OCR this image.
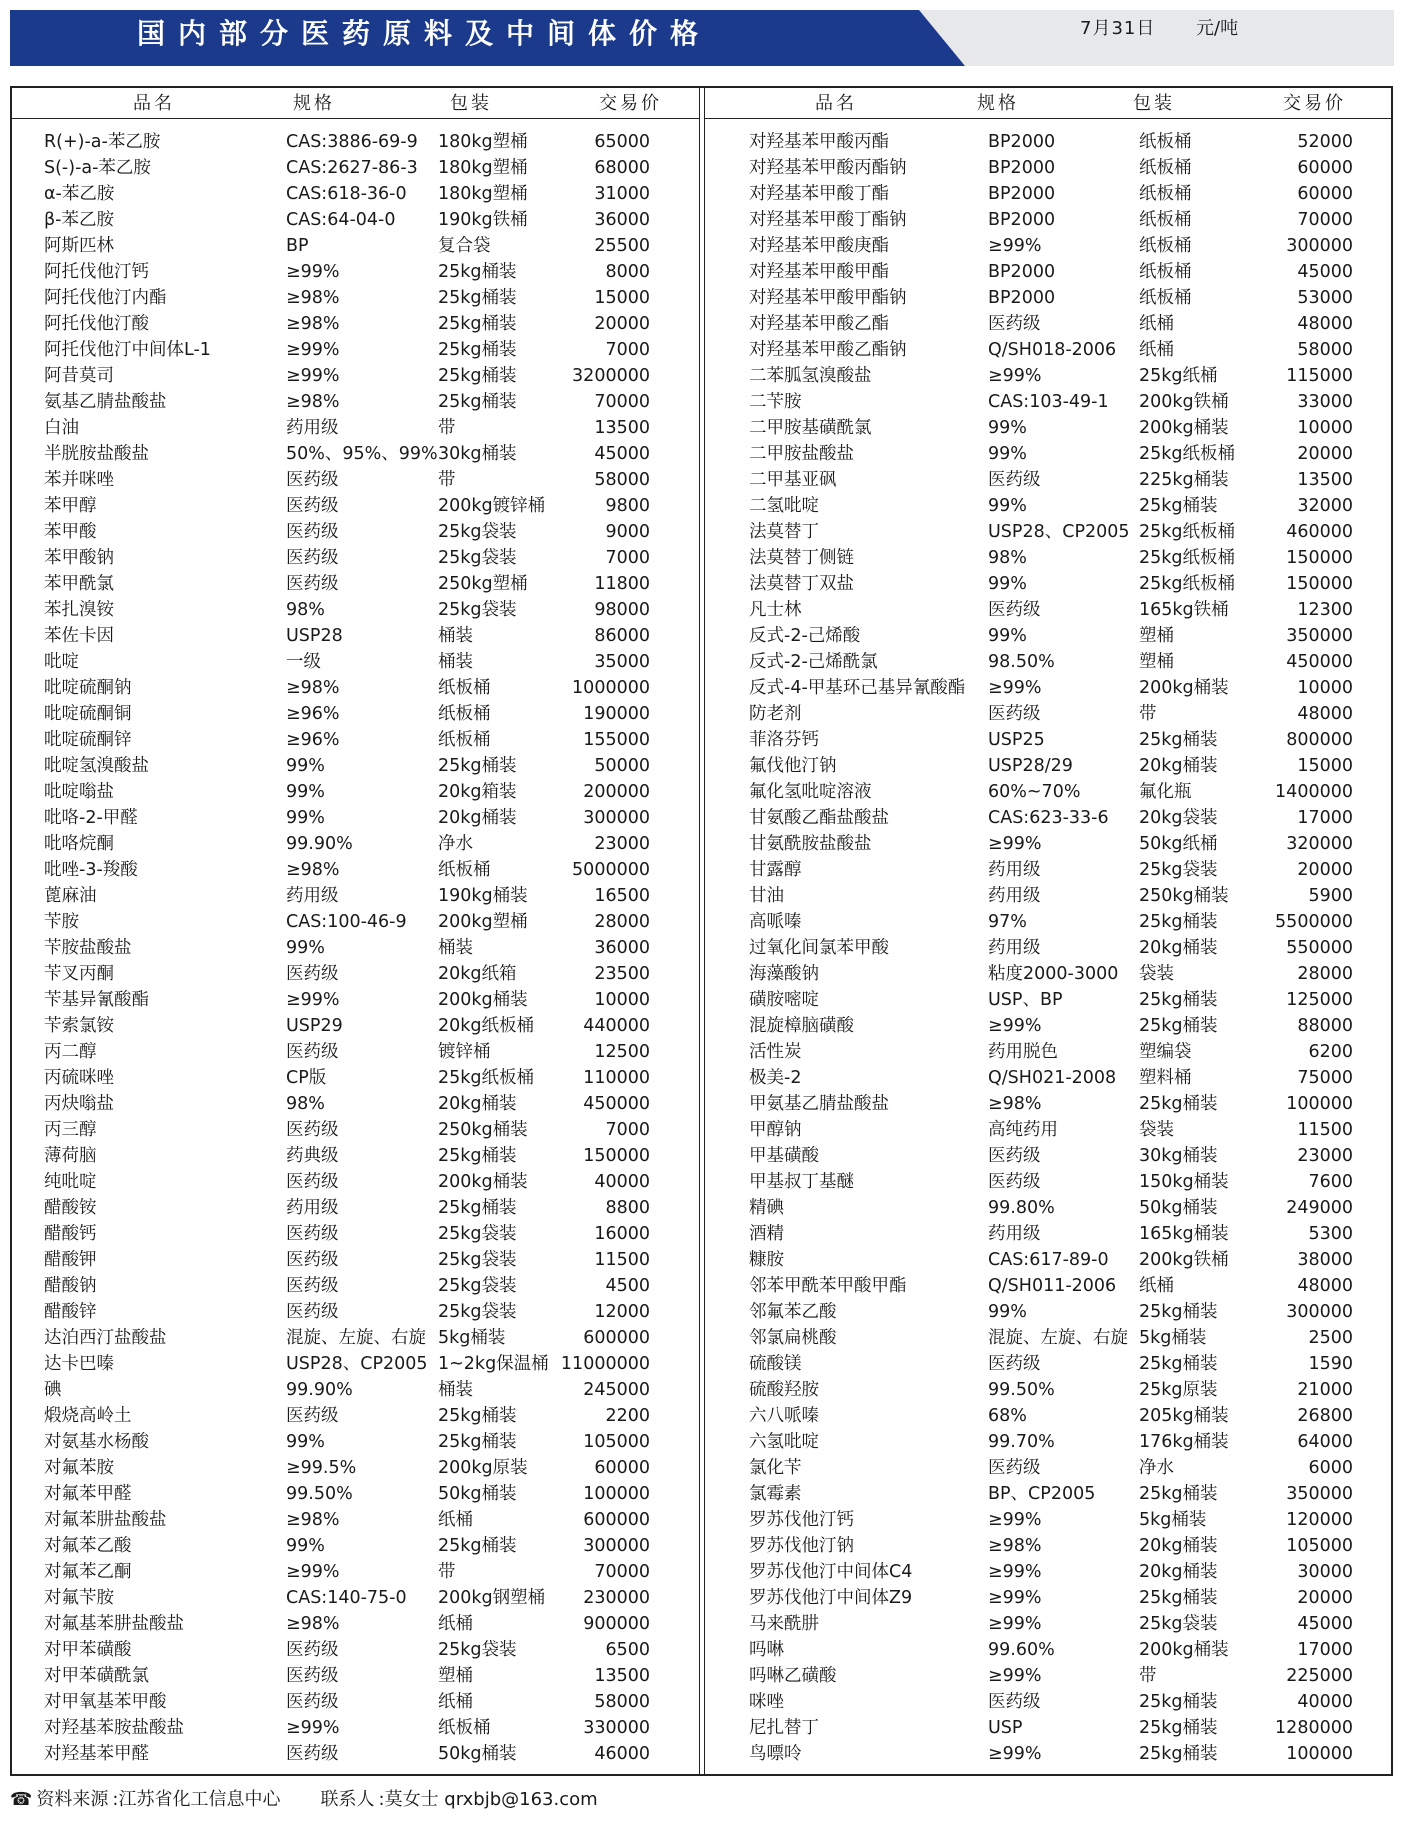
国内部分医药原料及中间体价格	7月31日 元/吨
品名	规格	包装	交易价	品名	规格	包装	交易价
R(+)-a-苯乙胺	CAS:3886-69-9 180kg塑桶	65000
S(-)-a-苯乙胺	CAS:2627-86-3 180kg塑桶	68000
α-苯乙胺	CAS:618-36-0 180kg塑桶	31000
β-苯乙胺	CAS:64-04-0 190kg铁桶	36000
阿斯匹林	BP	复合袋	25500
阿托伐他汀钙	≥99%	25kg桶装	8000
阿托伐他汀内酯	≥98%	25kg桶装	15000
阿托伐他汀酸	≥98%	25kg桶装	20000
阿托伐他汀中间体L-1	≥99%	25kg桶装	7000
阿昔莫司	≥99%	25kg桶装	3200000
氨基乙腈盐酸盐	≥98%	25kg桶装	70000
白油	药用级	带	13500
半胱胺盐酸盐	50%、95%、99% 30kg桶装	45000
苯并咪唑	医药级	带	58000
苯甲醇	医药级	200kg镀锌桶	9800
苯甲酸	医药级	25kg袋装	9000
苯甲酸钠	医药级	25kg袋装	7000
苯甲酰氯	医药级	250kg塑桶	11800
苯扎溴铵	98%	25kg袋装	98000
苯佐卡因	USP28	桶装	86000
吡啶	一级	桶装	35000
吡啶硫酮钠	≥98%	纸板桶	1000000
吡啶硫酮铜	≥96%	纸板桶	190000
吡啶硫酮锌	≥96%	纸板桶	155000
吡啶氢溴酸盐	99%	25kg桶装	50000
吡啶嗡盐	99%	20kg箱装	200000
吡咯-2-甲醛	99%	20kg桶装	300000
吡咯烷酮	99.90%	净水	23000
吡唑-3-羧酸	≥98%	纸板桶	5000000
蓖麻油	药用级	190kg桶装	16500
苄胺	CAS:100-46-9 200kg塑桶	28000
苄胺盐酸盐	99%	桶装	36000
苄叉丙酮	医药级	20kg纸箱	23500
苄基异氰酸酯	≥99%	200kg桶装	10000
苄索氯铵	USP29	20kg纸板桶	440000
丙二醇	医药级	镀锌桶	12500
丙硫咪唑	CP版	25kg纸板桶	110000
丙炔嗡盐	98%	20kg桶装	450000
丙三醇	医药级	250kg桶装	7000
薄荷脑	药典级	25kg桶装	150000
纯吡啶	医药级	200kg桶装	40000
醋酸铵	药用级	25kg桶装	8800
醋酸钙	医药级	25kg袋装	16000
醋酸钾	医药级	25kg袋装	11500
醋酸钠	医药级	25kg袋装	4500
醋酸锌	医药级	25kg袋装	12000
达泊西汀盐酸盐	混旋、左旋、右旋 5kg桶装	600000
达卡巴嗪	USP28、CP2005 1~2kg保温桶 11000000
碘	99.90%	桶装	245000
煅烧高岭土	医药级	25kg桶装	2200
对氨基水杨酸	99%	25kg桶装	105000
对氟苯胺	≥99.5%	200kg原装	60000
对氟苯甲醛	99.50%	50kg桶装	100000
对氟苯肼盐酸盐	≥98%	纸桶	600000
对氟苯乙酸	99%	25kg桶装	300000
对氟苯乙酮	≥99%	带	70000
对氟苄胺	CAS:140-75-0 200kg钢塑桶	230000
对氟基苯肼盐酸盐	≥98%	纸桶	900000
对甲苯磺酸	医药级	25kg袋装	6500
对甲苯磺酰氯	医药级	塑桶	13500
对甲氧基苯甲酸	医药级	纸桶	58000
对羟基苯胺盐酸盐	≥99%	纸板桶	330000
对羟基苯甲醛	医药级	50kg桶装	46000
对羟基苯甲酸丙酯	BP2000	纸板桶	52000
对羟基苯甲酸丙酯钠	BP2000	纸板桶	60000
对羟基苯甲酸丁酯	BP2000	纸板桶	60000
对羟基苯甲酸丁酯钠	BP2000	纸板桶	70000
对羟基苯甲酸庚酯	≥99%	纸板桶	300000
对羟基苯甲酸甲酯	BP2000	纸板桶	45000
对羟基苯甲酸甲酯钠	BP2000	纸板桶	53000
对羟基苯甲酸乙酯	医药级	纸桶	48000
对羟基苯甲酸乙酯钠	Q/SH018-2006 纸桶	58000
二苯胍氢溴酸盐	≥99%	25kg纸桶	115000
二苄胺	CAS:103-49-1 200kg铁桶	33000
二甲胺基磺酰氯	99%	200kg桶装	10000
二甲胺盐酸盐	99%	25kg纸板桶	20000
二甲基亚砜	医药级	225kg桶装	13500
二氢吡啶	99%	25kg桶装	32000
法莫替丁	USP28、CP2005 25kg纸板桶	460000
法莫替丁侧链	98%	25kg纸板桶	150000
法莫替丁双盐	99%	25kg纸板桶	150000
凡士林	医药级	165kg铁桶	12300
反式-2-己烯酸	99%	塑桶	350000
反式-2-己烯酰氯	98.50%	塑桶	450000
反式-4-甲基环己基异氰酸酯 ≥99%	200kg桶装	10000
防老剂	医药级	带	48000
菲洛芬钙	USP25	25kg桶装	800000
氟伐他汀钠	USP28/29	20kg桶装	15000
氟化氢吡啶溶液	60%~70%	氟化瓶	1400000
甘氨酸乙酯盐酸盐	CAS:623-33-6 20kg袋装	17000
甘氨酰胺盐酸盐	≥99%	50kg纸桶	320000
甘露醇	药用级	25kg袋装	20000
甘油	药用级	250kg桶装	5900
高哌嗪	97%	25kg桶装	5500000
过氧化间氯苯甲酸	药用级	20kg桶装	550000
海藻酸钠	粘度2000-3000 袋装	28000
磺胺嘧啶	USP、BP	25kg桶装	125000
混旋樟脑磺酸	≥99%	25kg桶装	88000
活性炭	药用脱色	塑编袋	6200
极美-2	Q/SH021-2008 塑料桶	75000
甲氨基乙腈盐酸盐	≥98%	25kg桶装	100000
甲醇钠	高纯药用	袋装	11500
甲基磺酸	医药级	30kg桶装	23000
甲基叔丁基醚	医药级	150kg桶装	7600
精碘	99.80%	50kg桶装	249000
酒精	药用级	165kg桶装	5300
糠胺	CAS:617-89-0 200kg铁桶	38000
邻苯甲酰苯甲酸甲酯	Q/SH011-2006 纸桶	48000
邻氟苯乙酸	99%	25kg桶装	300000
邻氯扁桃酸	混旋、左旋、右旋 5kg桶装	2500
硫酸镁	医药级	25kg桶装	1590
硫酸羟胺	99.50%	25kg原装	21000
六八哌嗪	68%	205kg桶装	26800
六氢吡啶	99.70%	176kg桶装	64000
氯化苄	医药级	净水	6000
氯霉素	BP、CP2005 25kg桶装	350000
罗苏伐他汀钙	≥99%	5kg桶装	120000
罗苏伐他汀钠	≥98%	20kg桶装	105000
罗苏伐他汀中间体C4	≥99%	20kg桶装	30000
罗苏伐他汀中间体Z9	≥99%	25kg桶装	20000
马来酰肼	≥99%	25kg袋装	45000
吗啉	99.60%	200kg桶装	17000
吗啉乙磺酸	≥99%	带	225000
咪唑	医药级	25kg桶装	40000
尼扎替丁	USP	25kg桶装	1280000
鸟嘌呤	≥99%	25kg桶装	100000
☎ 资料来源 :江苏省化工信息中心 联系人 :莫女士 qrxbjb@163.com
